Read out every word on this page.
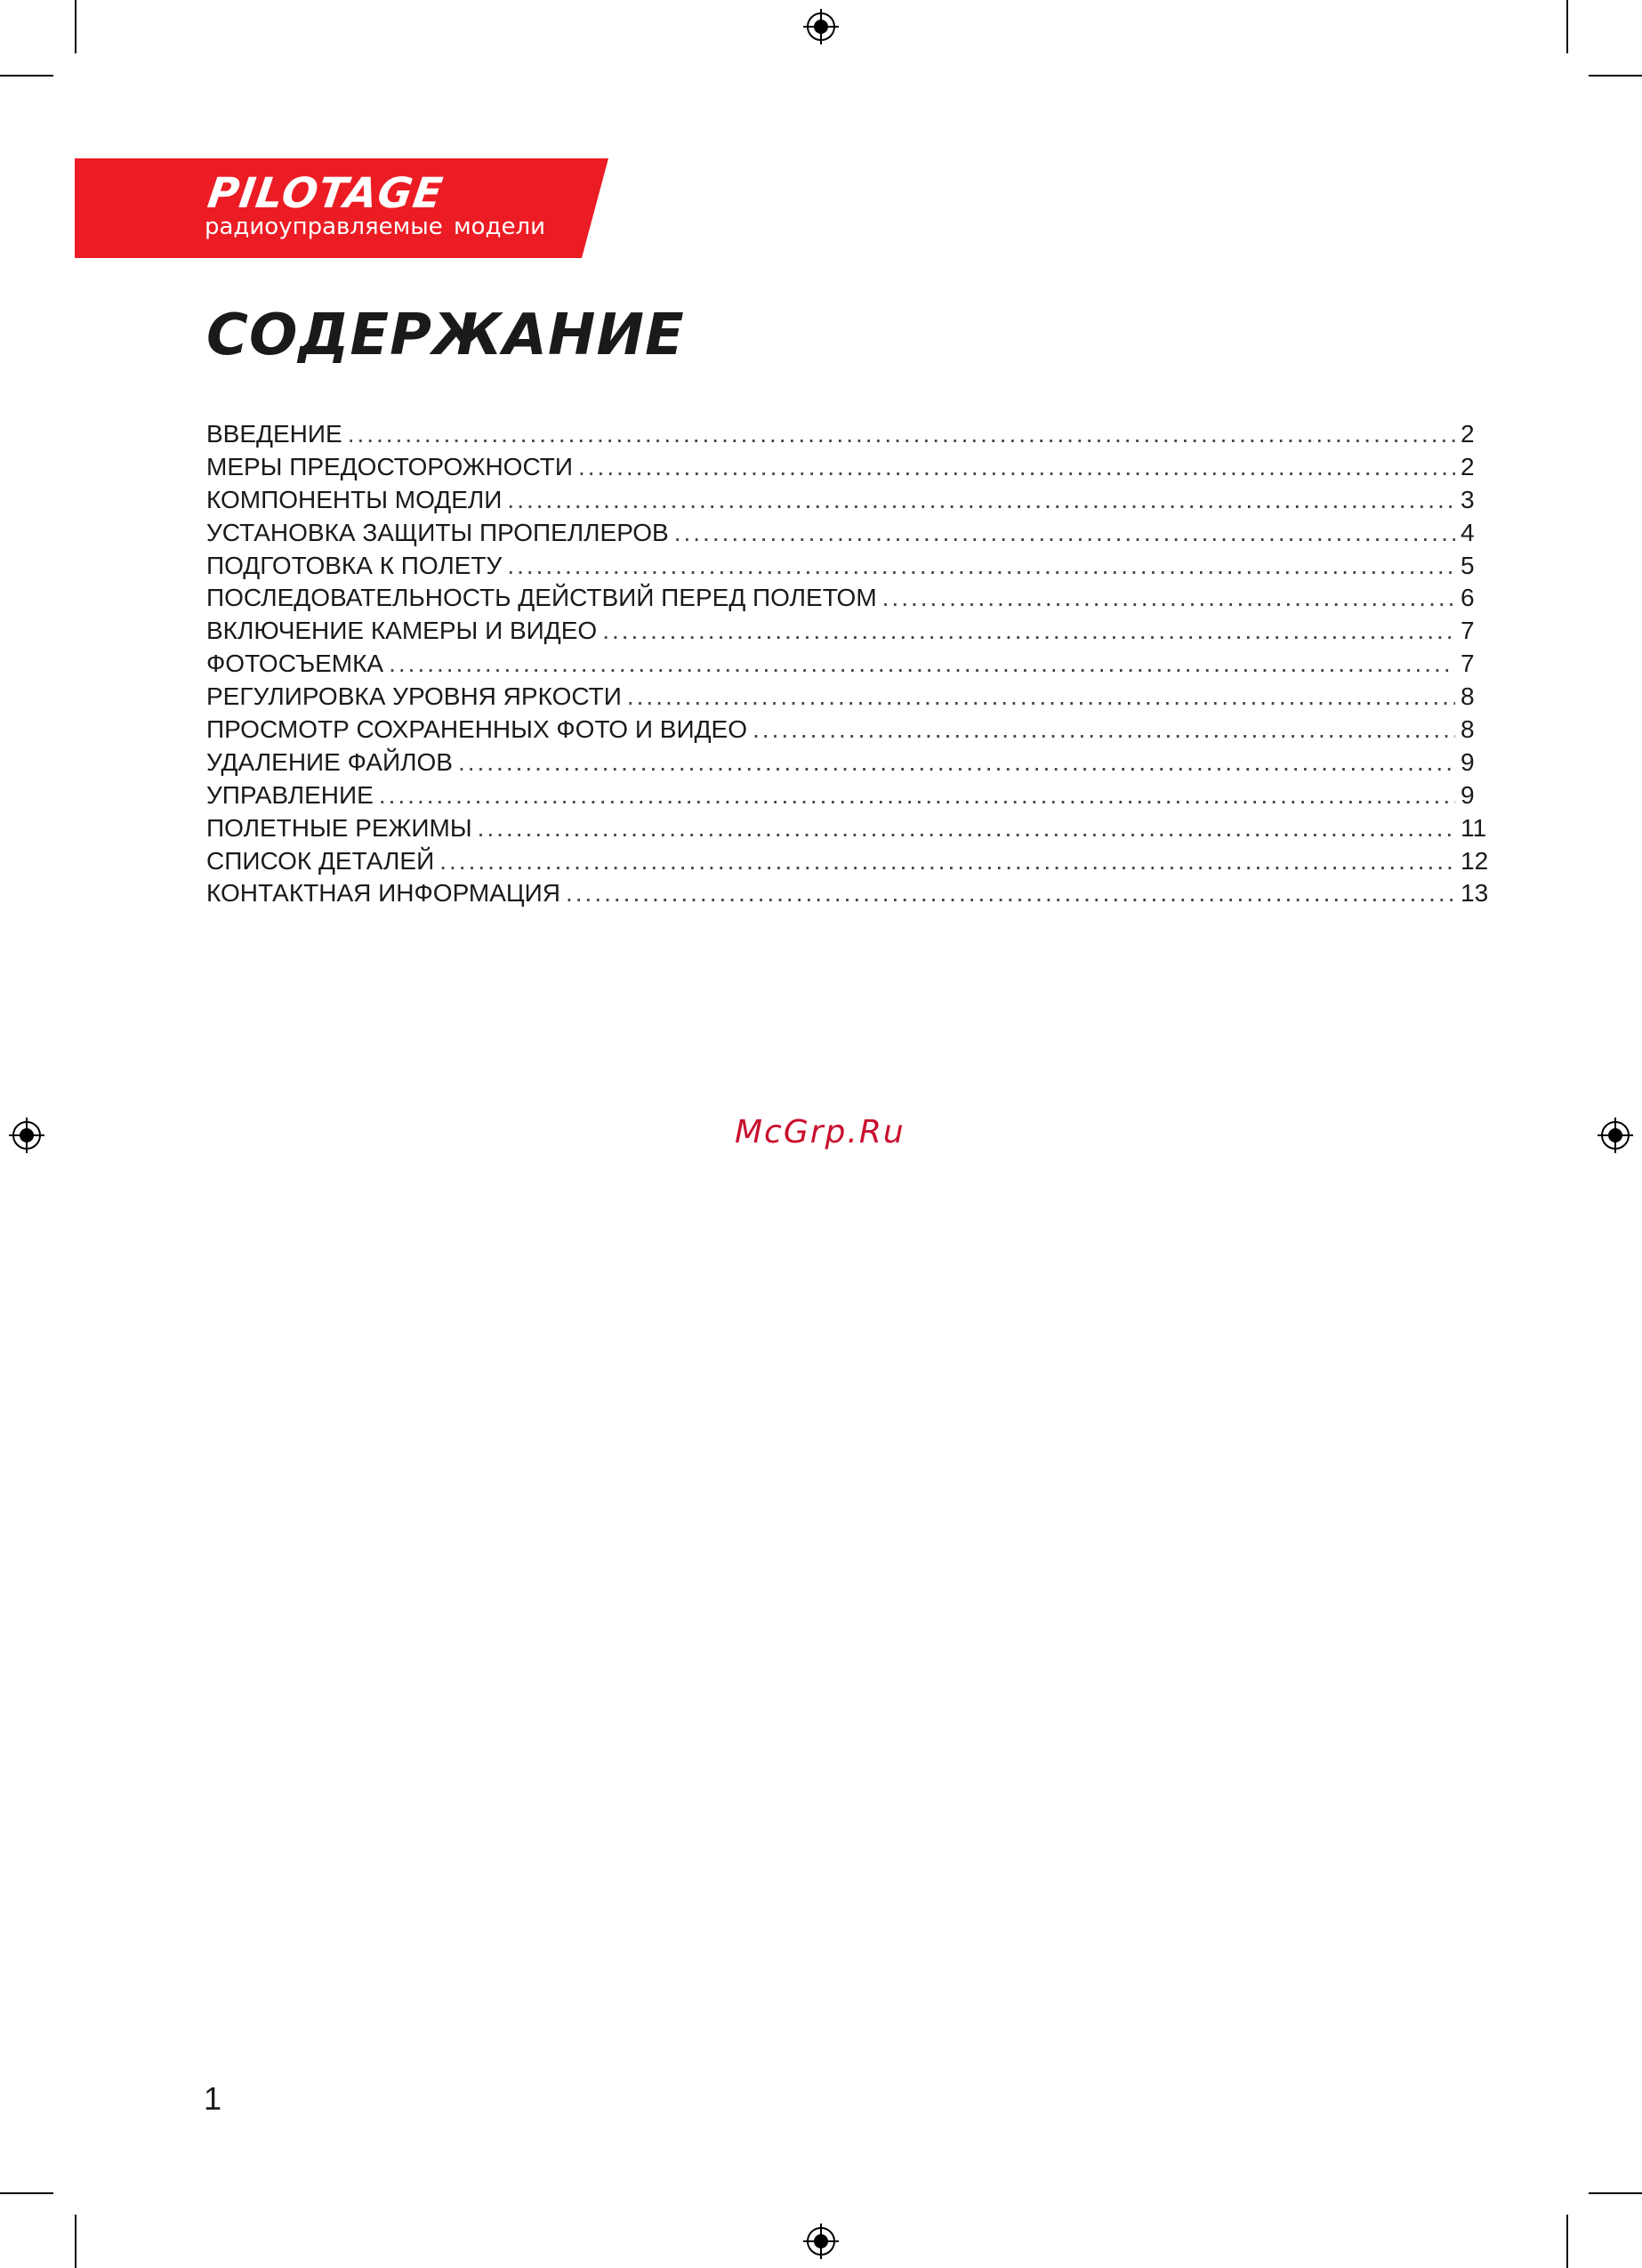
PILOTAGE
радиоуправляемые модели
СОДЕРЖАНИЕ
ВВЕДЕНИЕ .....	2
МЕРЫ ПРЕДОСТОРОЖНОСТИ .....	2
КОМПОНЕНТЫ МОДЕЛИ .....	3
УСТАНОВКА ЗАЩИТЫ ПРОПЕЛЛЕРОВ .....	4
ПОДГОТОВКА К ПОЛЕТУ .....	5
ПОСЛЕДОВАТЕЛЬНОСТЬ ДЕЙСТВИЙ ПЕРЕД ПОЛЕТОМ .....	6
ВКЛЮЧЕНИЕ КАМЕРЫ И ВИДЕО .....	7
ФОТОСЪЕМКА .....	7
РЕГУЛИРОВКА УРОВНЯ ЯРКОСТИ .....	8
ПРОСМОТР СОХРАНЕННЫХ ФОТО И ВИДЕО .....	8
УДАЛЕНИЕ ФАЙЛОВ .....	9
УПРАВЛЕНИЕ .....	9
ПОЛЕТНЫЕ РЕЖИМЫ .....	11
СПИСОК ДЕТАЛЕЙ .....	12
КОНТАКТНАЯ ИНФОРМАЦИЯ .....	13
McGrp.Ru
1
